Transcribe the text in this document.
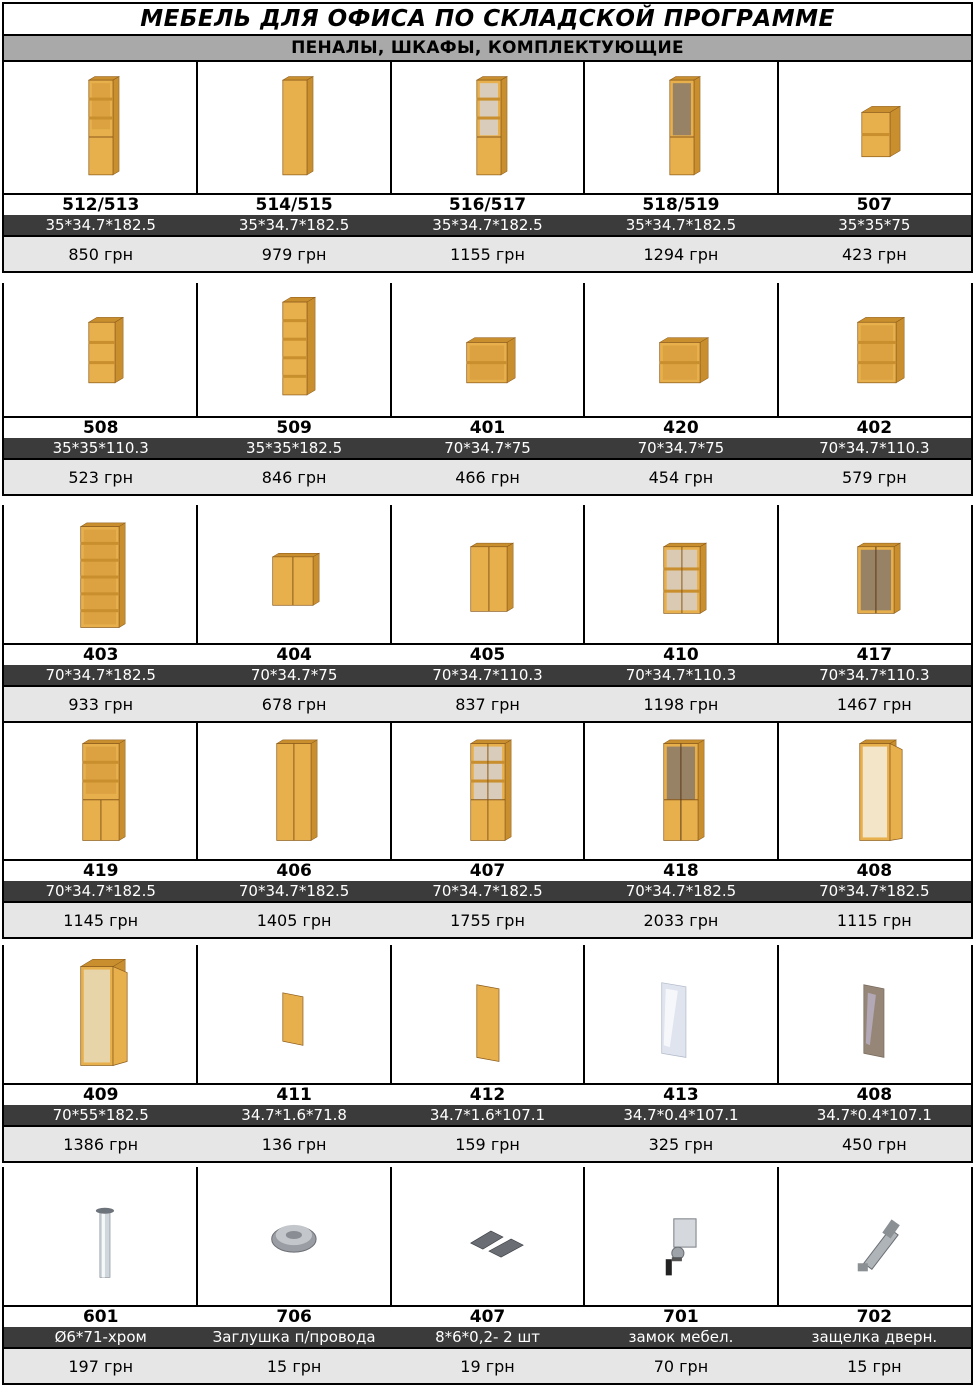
МЕБЕЛЬ ДЛЯ ОФИСА ПО СКЛАДСКОЙ ПРОГРАММЕ
ПЕНАЛЫ, ШКАФЫ, КОМПЛЕКТУЮЩИЕ
512/513	514/515	516/517	518/519	507
35*34.7*182.5	35*34.7*182.5	35*34.7*182.5	35*34.7*182.5	35*35*75
850 грн	979 грн	1155 грн	1294 грн	423 грн
508	509	401	420	402
35*35*110.3	35*35*182.5	70*34.7*75	70*34.7*75	70*34.7*110.3
523 грн	846 грн	466 грн	454 грн	579 грн
403	404	405	410	417
70*34.7*182.5	70*34.7*75	70*34.7*110.3	70*34.7*110.3	70*34.7*110.3
933 грн	678 грн	837 грн	1198 грн	1467 грн
419	406	407	418	408
70*34.7*182.5	70*34.7*182.5	70*34.7*182.5	70*34.7*182.5	70*34.7*182.5
1145 грн	1405 грн	1755 грн	2033 грн	1115 грн
409	411	412	413	408
70*55*182.5	34.7*1.6*71.8	34.7*1.6*107.1	34.7*0.4*107.1	34.7*0.4*107.1
1386 грн	136 грн	159 грн	325 грн	450 грн
601	706	407	701	702
Ø6*71-хром	Заглушка п/провода	8*6*0,2- 2 шт	замок мебел.	защелка дверн.
197 грн	15 грн	19 грн	70 грн	15 грн
